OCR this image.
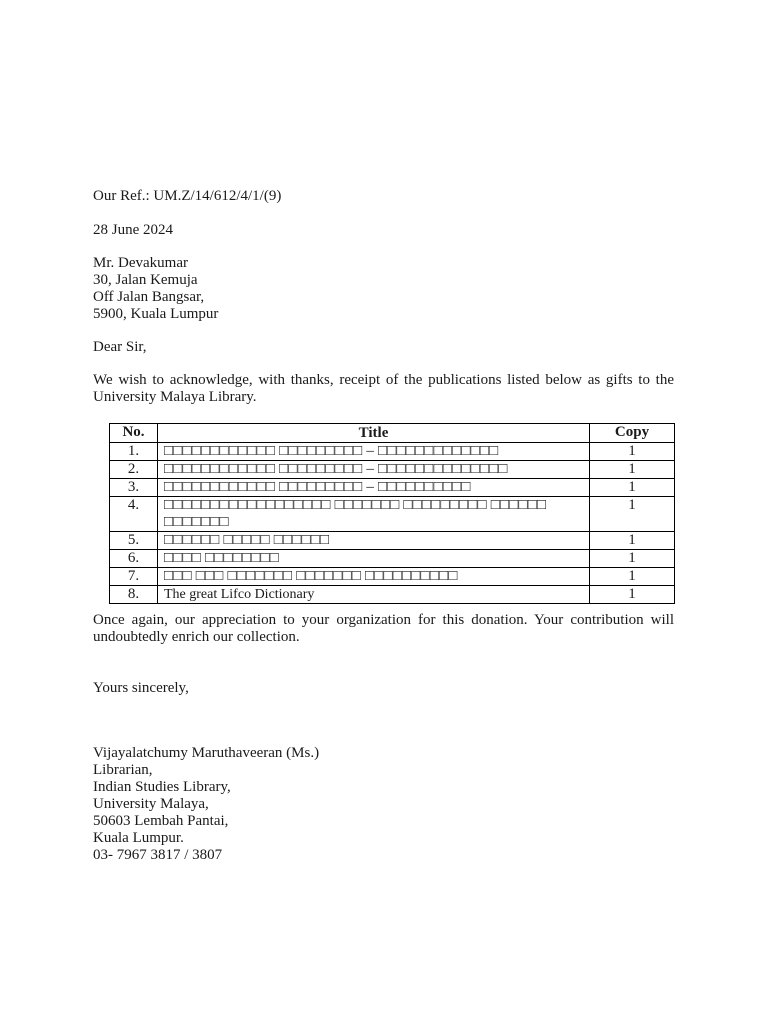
Our Ref.: UM.Z/14/612/4/1/(9)
28 June 2024
Mr. Devakumar
30, Jalan Kemuja
Off Jalan Bangsar,
5900, Kuala Lumpur
Dear Sir,
We wish to acknowledge, with thanks, receipt of the publications listed below as gifts to the University Malaya Library.
No.	Title	Copy
1.	□□□□□□□□□□□□ □□□□□□□□□ – □□□□□□□□□□□□□	1
2.	□□□□□□□□□□□□ □□□□□□□□□ – □□□□□□□□□□□□□□	1
3.	□□□□□□□□□□□□ □□□□□□□□□ – □□□□□□□□□□	1
4.	□□□□□□□□□□□□□□□□□□ □□□□□□□ □□□□□□□□□ □□□□□□ □□□□□□□	1
5.	□□□□□□ □□□□□ □□□□□□	1
6.	□□□□ □□□□□□□□	1
7.	□□□ □□□ □□□□□□□ □□□□□□□ □□□□□□□□□□	1
8.	The great Lifco Dictionary	1
Once again, our appreciation to your organization for this donation. Your contribution will undoubtedly enrich our collection.
Yours sincerely,
Vijayalatchumy Maruthaveeran (Ms.)
Librarian,
Indian Studies Library,
University Malaya,
50603 Lembah Pantai,
Kuala Lumpur.
03- 7967 3817 / 3807
